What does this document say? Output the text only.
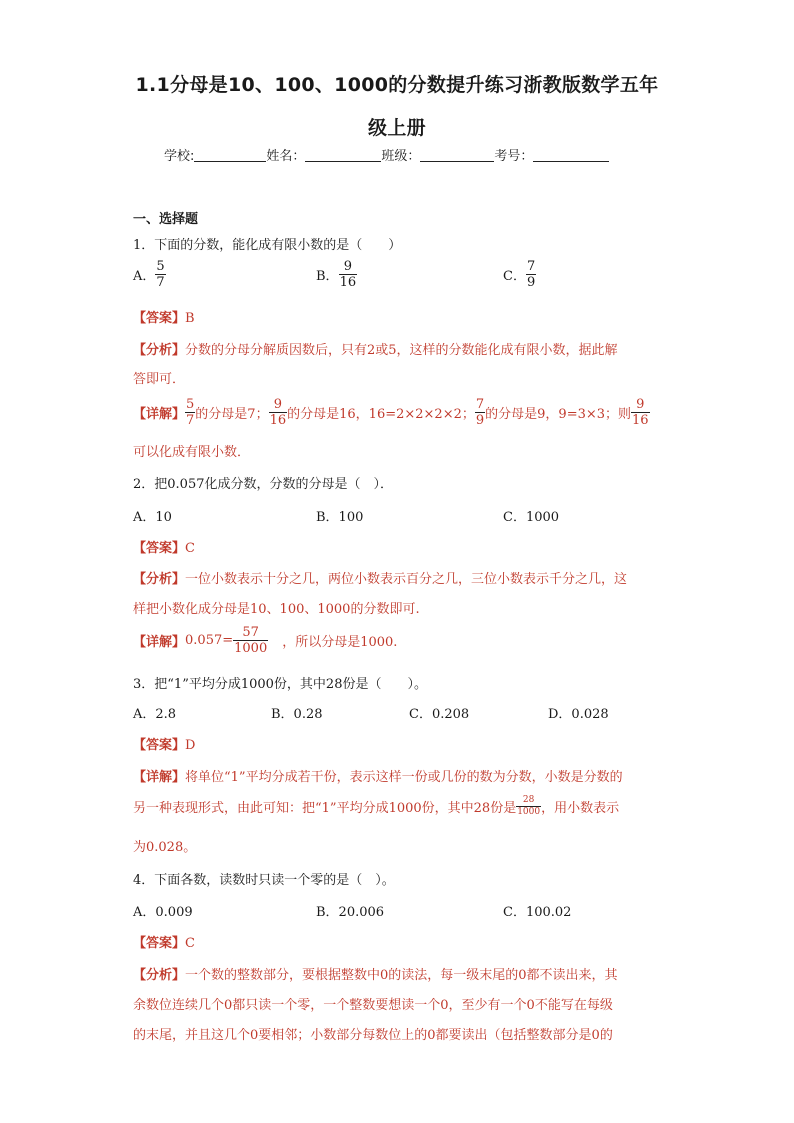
1.1分母是10、100、1000的分数提升练习浙教版数学五年
级上册
学校:	姓名：	班级：	考号：
一、选择题
1．下面的分数，能化成有限小数的是（　　）
A． $\frac{5}{7}$	B． $\frac{9}{16}$	C． $\frac{7}{9}$
【答案】B
【分析】分数的分母分解质因数后，只有2或5，这样的分数能化成有限小数，据此解
答即可．
【详解】 $\frac{5}{7}$ 的分母是7； $\frac{9}{16}$ 的分母是16，16=2×2×2×2； $\frac{7}{9}$ 的分母是9，9=3×3；则 $\frac{9}{16}$
可以化成有限小数．
2．把0.057化成分数，分数的分母是（　）．
A．10	B．100	C．1000
【答案】C
【分析】一位小数表示十分之几，两位小数表示百分之几，三位小数表示千分之几，这
样把小数化成分母是10、100、1000的分数即可.
【详解】$0.057= \frac{57}{1000}$ ，所以分母是1000.
3．把“1”平均分成1000份，其中28份是（　　）。
A．2.8	B．0.28	C．0.208	D．0.028
【答案】D
【详解】将单位“1”平均分成若干份，表示这样一份或几份的数为分数，小数是分数的
另一种表现形式，由此可知：把“1”平均分成1000份，其中28份是 $\frac{28}{1000}$ ，用小数表示
为0.028。
4．下面各数，读数时只读一个零的是（　）。
A．0.009	B．20.006	C．100.02
【答案】C
【分析】一个数的整数部分，要根据整数中0的读法，每一级末尾的0都不读出来，其
余数位连续几个0都只读一个零，一个整数要想读一个0，至少有一个0不能写在每级
的末尾，并且这几个0要相邻；小数部分每数位上的0都要读出（包括整数部分是0的
